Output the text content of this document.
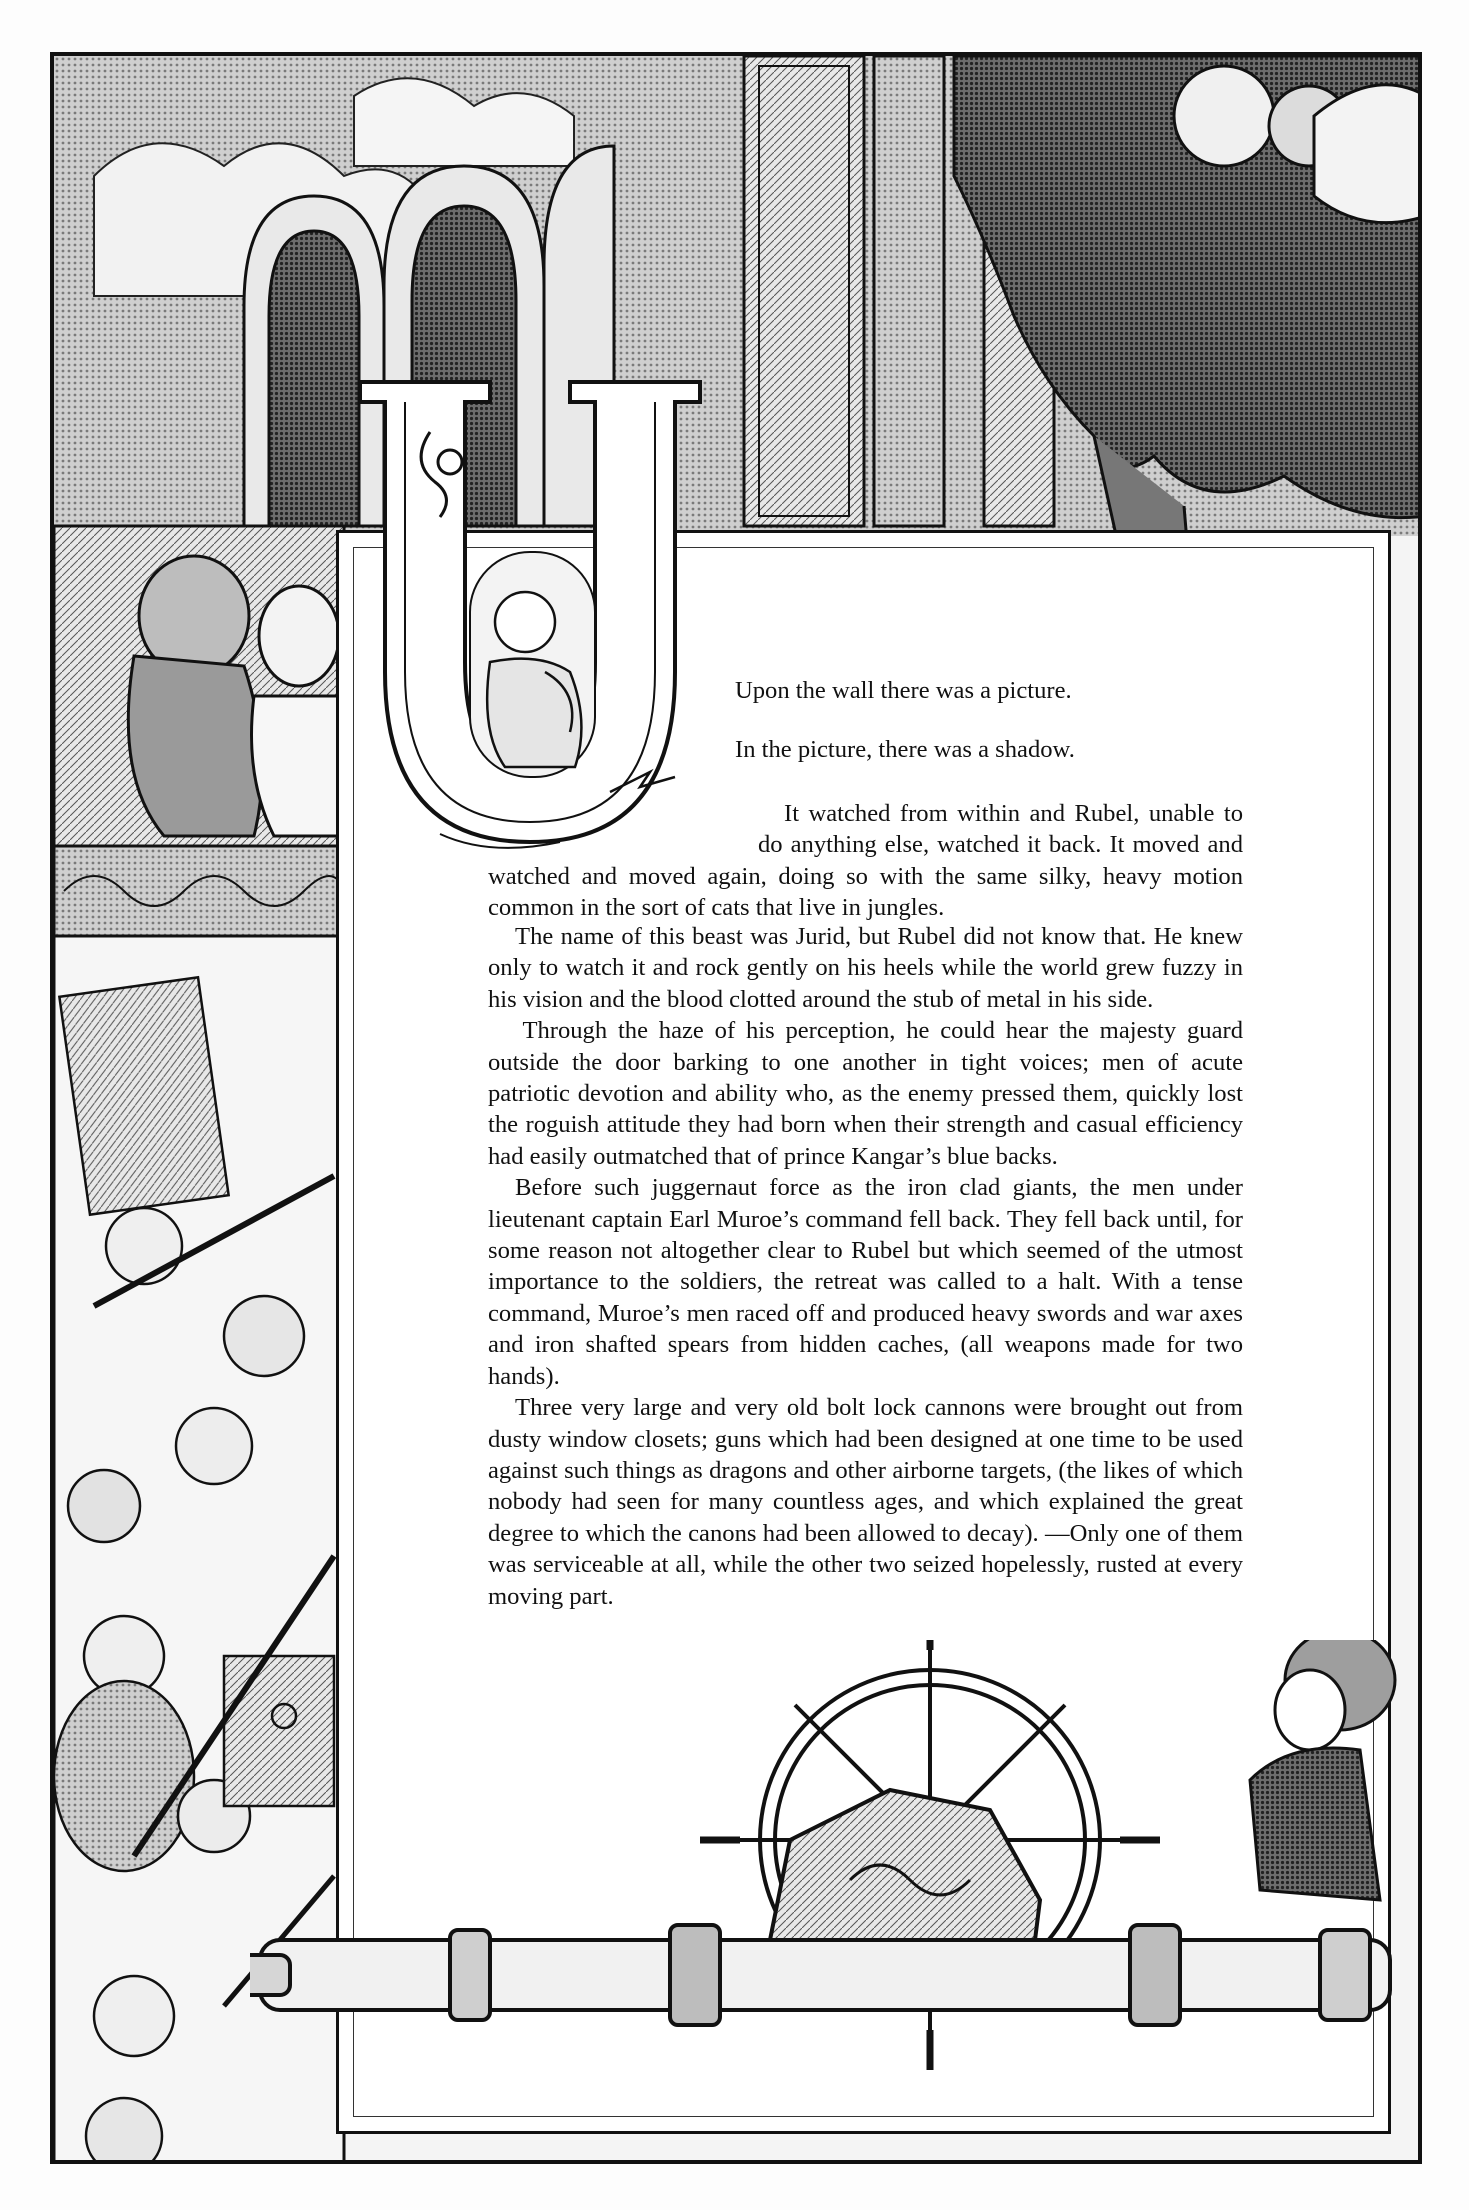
Upon the wall there was a picture.
In the picture, there was a shadow.
It watched from within and Rubel, unable to do anything else, watched it back. It moved and watched and moved again, doing so with the same silky, heavy motion common in the sort of cats that live in jungles.

The name of this beast was Jurid, but Rubel did not know that. He knew only to watch it and rock gently on his heels while the world grew fuzzy in his vision and the blood clotted around the stub of metal in his side.

Through the haze of his perception, he could hear the majesty guard outside the door barking to one another in tight voices; men of acute patriotic devotion and ability who, as the enemy pressed them, quickly lost the roguish attitude they had born when their strength and casual efficiency had easily outmatched that of prince Kangar’s blue backs.

Before such juggernaut force as the iron clad giants, the men under lieutenant captain Earl Muroe’s command fell back. They fell back until, for some reason not altogether clear to Rubel but which seemed of the utmost importance to the soldiers, the retreat was called to a halt. With a tense command, Muroe’s men raced off and produced heavy swords and war axes and iron shafted spears from hidden caches, (all weapons made for two hands).

Three very large and very old bolt lock cannons were brought out from dusty window closets; guns which had been designed at one time to be used against such things as dragons and other airborne targets, (the likes of which nobody had seen for many countless ages, and which explained the great degree to which the canons had been allowed to decay). —Only one of them was serviceable at all, while the other two seized hopelessly, rusted at every moving part.
